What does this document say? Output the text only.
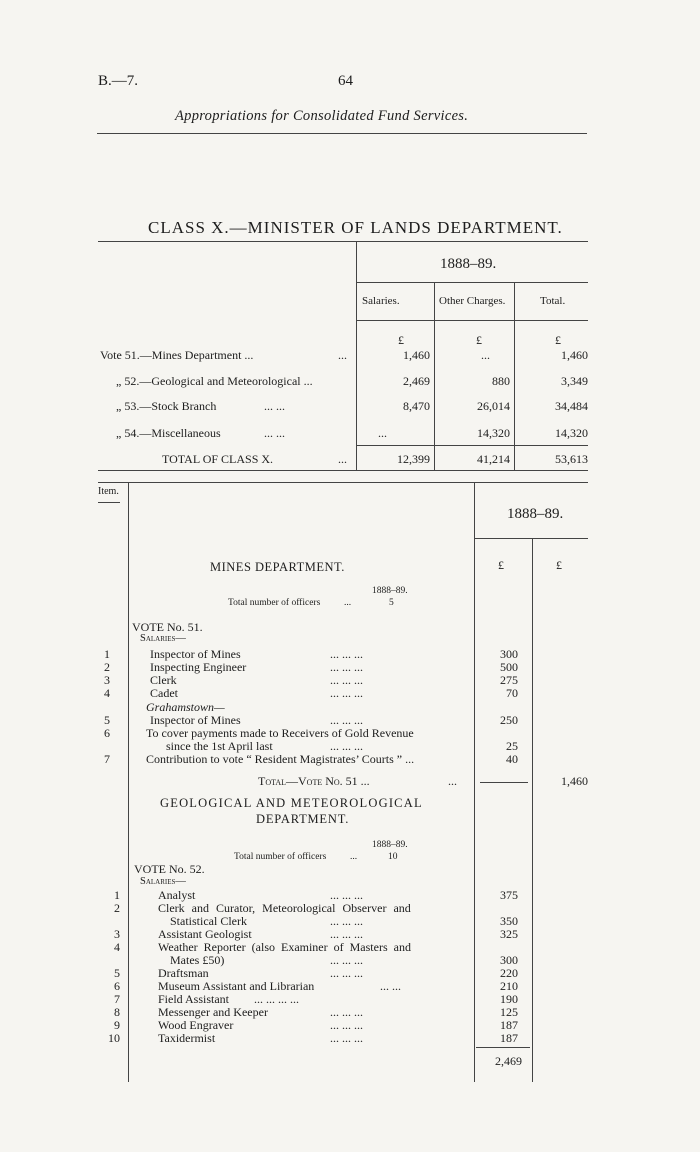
B.—7.	64
Appropriations for Consolidated Fund Services.
CLASS X.—MINISTER OF LANDS DEPARTMENT.
1888–89.
Salaries.	Other Charges.	Total.
£	£	£
Vote 51.—Mines Department ...	...	1,460	...	1,460
„ 52.—Geological and Meteorological ...	2,469	880	3,349
„ 53.—Stock Branch	... ...	8,470	26,014	34,484
„ 54.—Miscellaneous	... ...	...	14,320	14,320
TOTAL OF CLASS X.	...	12,399	41,214	53,613
Item.
1888–89.
£	£
MINES DEPARTMENT.
1888–89.
Total number of officers ...	5
VOTE No. 51.
Salaries—
1	Inspector of Mines	... ... ...	300
2	Inspecting Engineer	... ... ...	500
3	Clerk	... ... ...	275
4	Cadet	... ... ...	70
Grahamstown—
5	Inspector of Mines	... ... ...	250
6	To cover payments made to Receivers of Gold Revenue
since the 1st April last	... ... ...	25
7	Contribution to vote “ Resident Magistrates’ Courts ” ...	40
Total—Vote No. 51 ...	...	1,460
GEOLOGICAL AND METEOROLOGICAL
DEPARTMENT.
1888–89.
Total number of officers ...	10
VOTE No. 52.
Salaries—
1	Analyst	... ... ...	375
2	Clerk and Curator, Meteorological Observer and
Statistical Clerk	... ... ...	350
3	Assistant Geologist	... ... ...	325
4	Weather Reporter (also Examiner of Masters and
Mates £50)	... ... ...	300
5	Draftsman	... ... ...	220
6	Museum Assistant and Librarian	... ...	210
7	Field Assistant ... ... ... ...	190
8	Messenger and Keeper	... ... ...	125
9	Wood Engraver	... ... ...	187
10	Taxidermist	... ... ...	187
2,469
